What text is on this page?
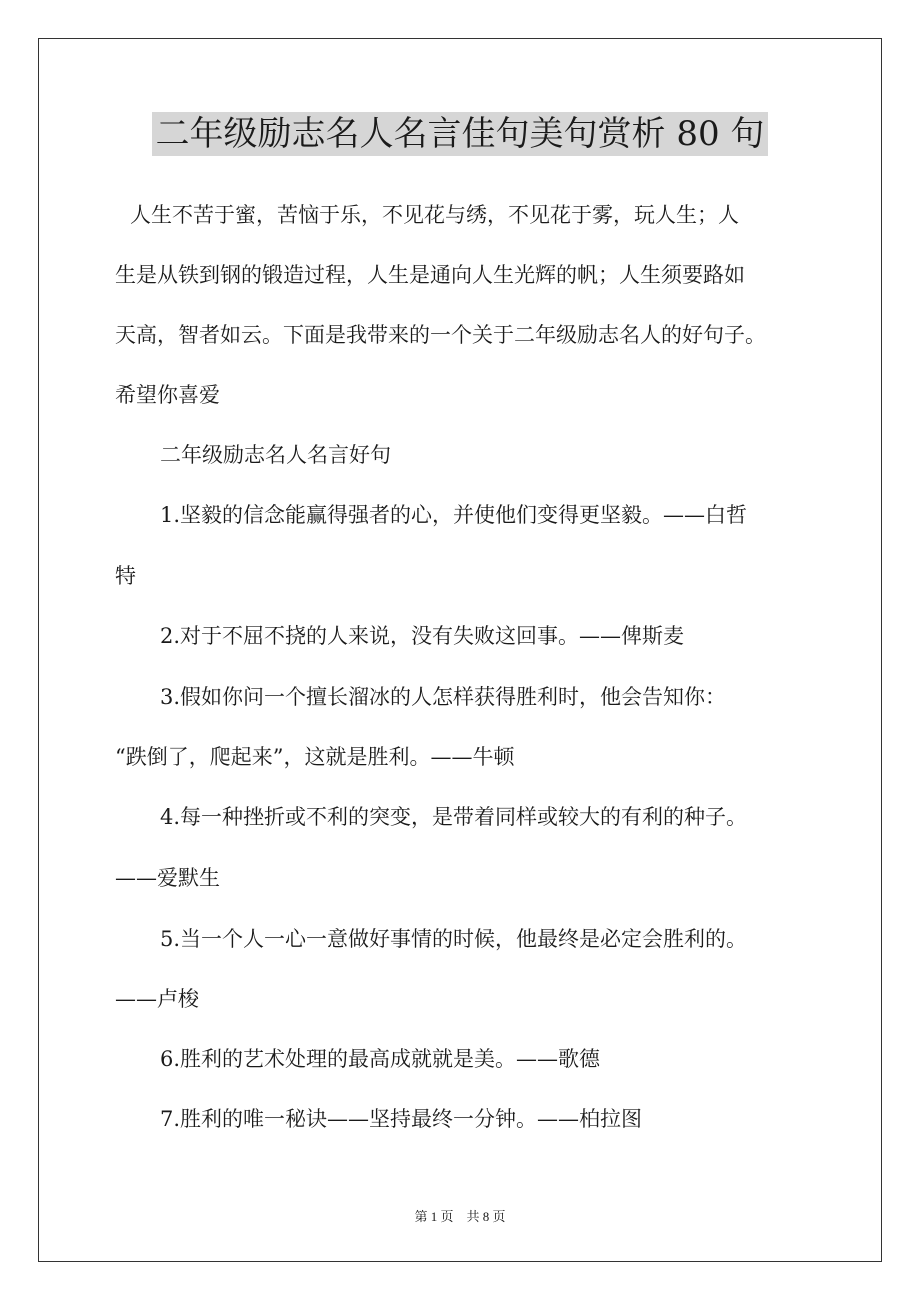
二年级励志名人名言佳句美句赏析 80 句
人生不苦于蜜，苦恼于乐，不见花与绣，不见花于雾，玩人生；人
生是从铁到钢的锻造过程，人生是通向人生光辉的帆；人生须要路如
天高，智者如云。下面是我带来的一个关于二年级励志名人的好句子。
希望你喜爱
二年级励志名人名言好句
1.坚毅的信念能赢得强者的心，并使他们变得更坚毅。——白哲
特
2.对于不屈不挠的人来说，没有失败这回事。——俾斯麦
3.假如你问一个擅长溜冰的人怎样获得胜利时，他会告知你：
“跌倒了，爬起来”，这就是胜利。——牛顿
4.每一种挫折或不利的突变，是带着同样或较大的有利的种子。
——爱默生
5.当一个人一心一意做好事情的时候，他最终是必定会胜利的。
——卢梭
6.胜利的艺术处理的最高成就就是美。——歌德
7.胜利的唯一秘诀——坚持最终一分钟。——柏拉图
第 1 页　共 8 页
